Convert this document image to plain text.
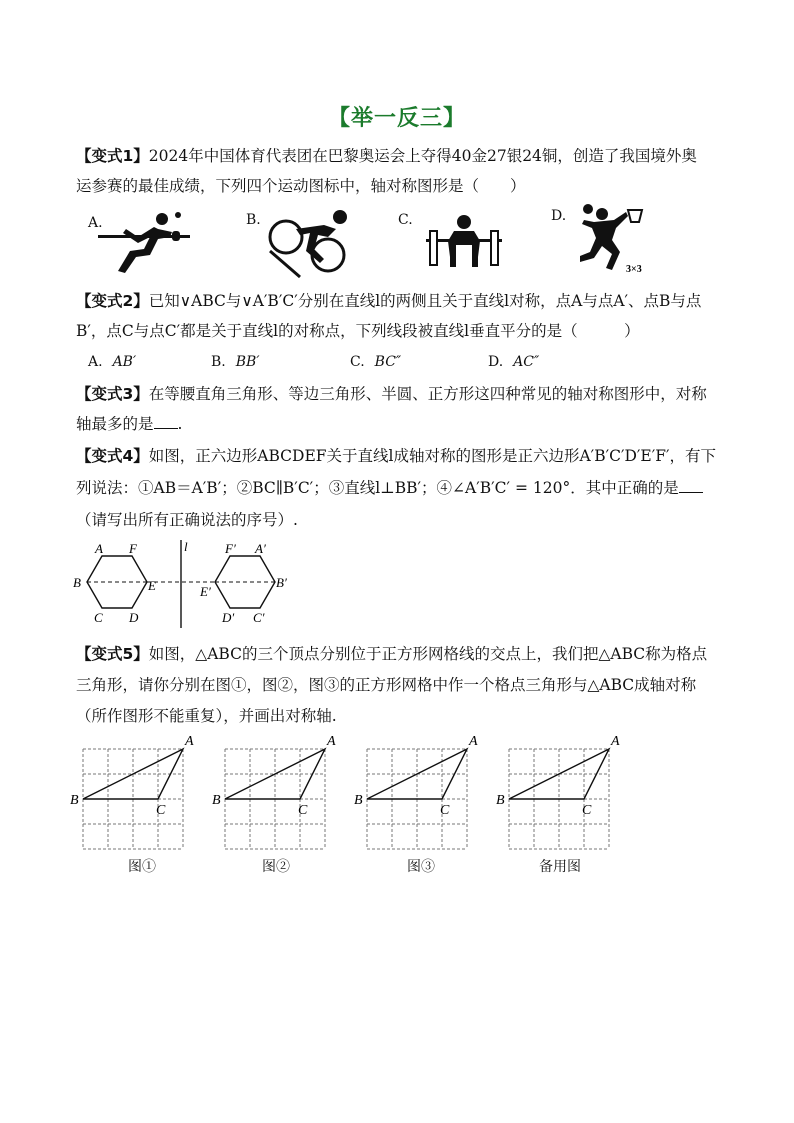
【举一反三】
【变式1】2024年中国体育代表团在巴黎奥运会上夺得40金27银24铜，创造了我国境外奥
运参赛的最佳成绩，下列四个运动图标中，轴对称图形是（　　）
A.	B.	C.	D.
3×3
【变式2】已知∨ABC与∨A′B′C′分别在直线l的两侧且关于直线l对称，点A与点A′、点B与点
B′，点C与点C′都是关于直线l的对称点，下列线段被直线l垂直平分的是（　　　）
A. AB′	B. BB′	C. BC″	D. AC″
【变式3】在等腰直角三角形、等边三角形、半圆、正方形这四种常见的轴对称图形中，对称
轴最多的是 .
【变式4】如图，正六边形ABCDEF关于直线l成轴对称的图形是正六边形A′B′C′D′E′F′，有下
列说法：①AB＝A′B′；②BC∥B′C′；③直线l⊥BB′；④∠A′B′C′ = 120°．其中正确的是
（请写出所有正确说法的序号）.
A F
B	E
C D
F′ A′
B′
E′
D′ C′
l
【变式5】如图，△ABC的三个顶点分别位于正方形网格线的交点上，我们把△ABC称为格点
三角形，请你分别在图①，图②，图③的正方形网格中作一个格点三角形与△ABC成轴对称
（所作图形不能重复），并画出对称轴.
A
B
C
A
B
C
A
B
C
A
B
C
图①	图②	图③	备用图
